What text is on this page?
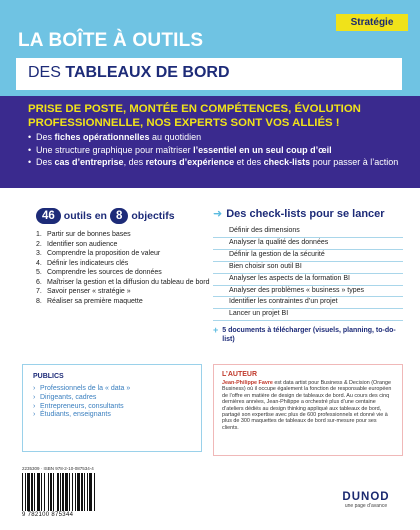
Stratégie
LA BOÎTE À OUTILS
DES TABLEAUX DE BORD
PRISE DE POSTE, MONTÉE EN COMPÉTENCES, ÉVOLUTION PROFESSIONNELLE, NOS EXPERTS SONT VOS ALLIÉS !
• Des fiches opérationnelles au quotidien
• Une structure graphique pour maîtriser l’essentiel en un seul coup d’œil
• Des cas d’entreprise, des retours d’expérience et des check-lists pour passer à l’action
46 outils en 8 objectifs
1. Partir sur de bonnes bases
2. Identifier son audience
3. Comprendre la proposition de valeur
4. Définir les indicateurs clés
5. Comprendre les sources de données
6. Maîtriser la gestion et la diffusion du tableau de bord
7. Savoir penser « stratégie »
8. Réaliser sa première maquette
➜ Des check-lists pour se lancer
Définir des dimensions
Analyser la qualité des données
Définir la gestion de la sécurité
Bien choisir son outil BI
Analyser les aspects de la formation BI
Analyser des problèmes « business » types
Identifier les contraintes d’un projet
Lancer un projet BI
+ 5 documents à télécharger (visuels, planning, to-do-list)
PUBLICS
› Professionnels de la « data »
› Dirigeants, cadres
› Entrepreneurs, consultants
› Étudiants, enseignants
L’AUTEUR

Jean-Philippe Favre est data artist pour Business & Decision (Orange Business) où il occupe également la fonction de responsable européen de l’offre en matière de design de tableaux de bord. Au cours des cinq dernières années, Jean-Philippe a orchestré plus d’une centaine d’ateliers dédiés au design thinking appliqué aux tableaux de bord, partagé son expertise avec plus de 600 professionnels et donné vie à plus de 300 maquettes de tableaux de bord sur-mesure pour ses clients.

2235309 · ISBN 978-2-10-087534-4
9 782100 875344
DUNOD
une page d’avance
